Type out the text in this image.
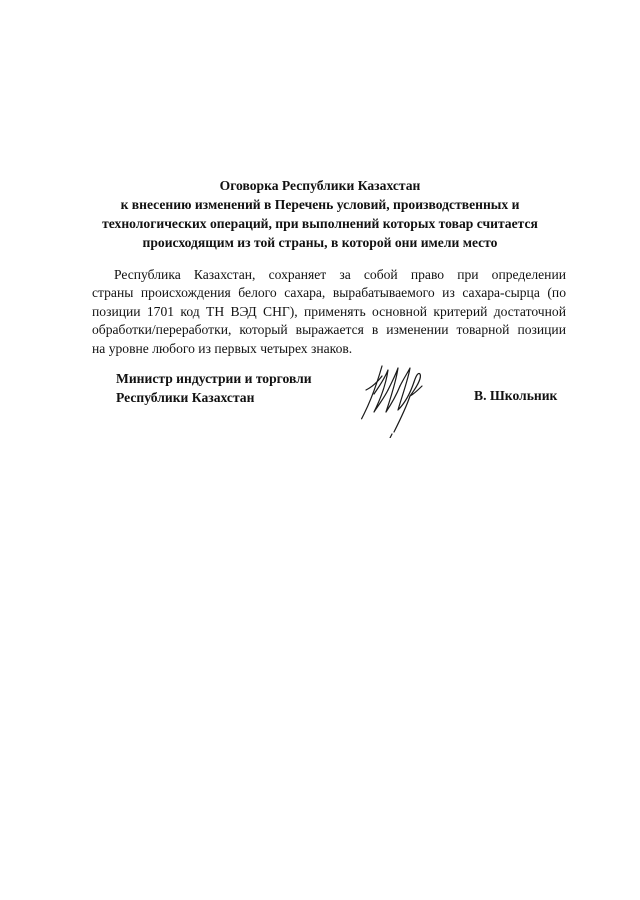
Оговорка Республики Казахстан
к внесению изменений в Перечень условий, производственных и
технологических операций, при выполнений которых товар считается
происходящим из той страны, в которой они имели место
Республика Казахстан, сохраняет за собой право при определении
страны происхождения белого сахара, вырабатываемого из сахара-сырца (по
позиции 1701 код ТН ВЭД СНГ), применять основной критерий достаточной
обработки/переработки, который выражается в изменении товарной позиции
на уровне любого из первых четырех знаков.
Министр индустрии и торговли
Республики Казахстан	В. Школьник
